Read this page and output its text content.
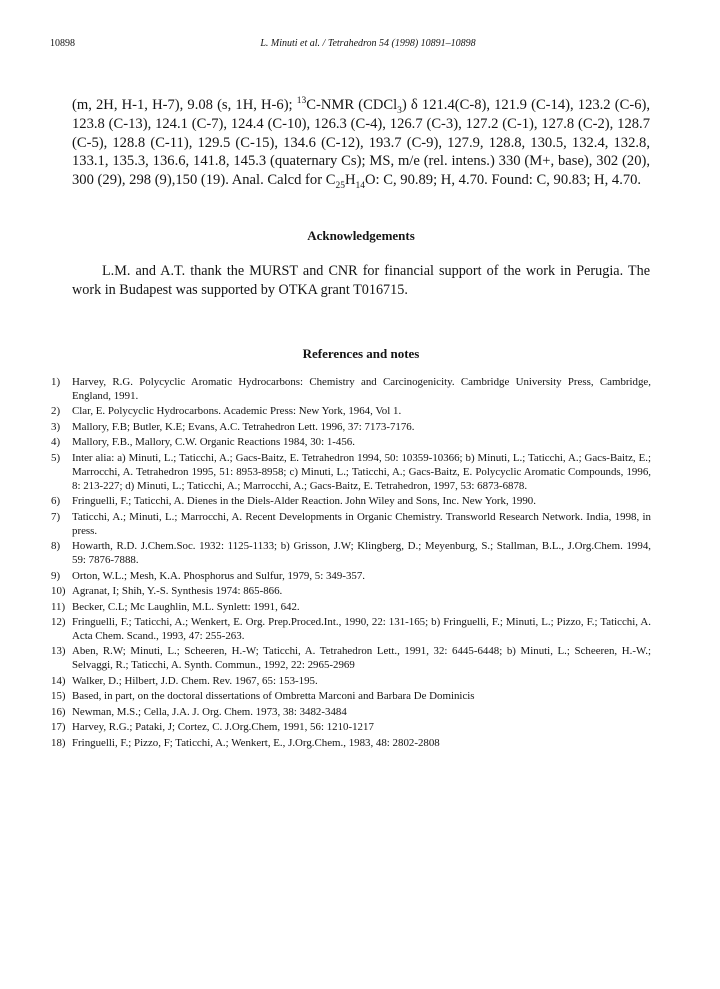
10898	L. Minuti et al. / Tetrahedron 54 (1998) 10891–10898

(m, 2H, H-1, H-7), 9.08 (s, 1H, H-6); $^{13}$C-NMR (CDCl$_3$) δ 121.4(C-8), 121.9 (C-14), 123.2 (C-6), 123.8 (C-13), 124.1 (C-7), 124.4 (C-10), 126.3 (C-4), 126.7 (C-3), 127.2 (C-1), 127.8 (C-2), 128.7 (C-5), 128.8 (C-11), 129.5 (C-15), 134.6 (C-12), 193.7 (C-9), 127.9, 128.8, 130.5, 132.4, 132.8, 133.1, 135.3, 136.6, 141.8, 145.3 (quaternary Cs); MS, m/e (rel. intens.) 330 (M+, base), 302 (20), 300 (29), 298 (9),150 (19). Anal. Calcd for $C_{25}H_{14}O$: C, 90.89; H, 4.70. Found: C, 90.83; H, 4.70.

Acknowledgements

L.M. and A.T. thank the MURST and CNR for financial support of the work in Perugia. The work in Budapest was supported by OTKA grant T016715.

References and notes
1) Harvey, R.G. Polycyclic Aromatic Hydrocarbons: Chemistry and Carcinogenicity. Cambridge University Press, Cambridge, England, 1991.
2) Clar, E. Polycyclic Hydrocarbons. Academic Press: New York, 1964, Vol 1.
3) Mallory, F.B; Butler, K.E; Evans, A.C. Tetrahedron Lett. 1996, 37: 7173-7176.
4) Mallory, F.B., Mallory, C.W. Organic Reactions 1984, 30: 1-456.
5) Inter alia: a) Minuti, L.; Taticchi, A.; Gacs-Baitz, E. Tetrahedron 1994, 50: 10359-10366; b) Minuti, L.; Taticchi, A.; Gacs-Baitz, E.; Marrocchi, A. Tetrahedron 1995, 51: 8953-8958; c) Minuti, L.; Taticchi, A.; Gacs-Baitz, E. Polycyclic Aromatic Compounds, 1996, 8: 213-227; d) Minuti, L.; Taticchi, A.; Marrocchi, A.; Gacs-Baitz, E. Tetrahedron, 1997, 53: 6873-6878.
6) Fringuelli, F.; Taticchi, A. Dienes in the Diels-Alder Reaction. John Wiley and Sons, Inc. New York, 1990.
7) Taticchi, A.; Minuti, L.; Marrocchi, A. Recent Developments in Organic Chemistry. Transworld Research Network. India, 1998, in press.
8) Howarth, R.D. J.Chem.Soc. 1932: 1125-1133; b) Grisson, J.W; Klingberg, D.; Meyenburg, S.; Stallman, B.L., J.Org.Chem. 1994, 59: 7876-7888.
9) Orton, W.L.; Mesh, K.A. Phosphorus and Sulfur, 1979, 5: 349-357.
10) Agranat, I; Shih, Y.-S. Synthesis 1974: 865-866.
11) Becker, C.L; Mc Laughlin, M.L. Synlett: 1991, 642.
12) Fringuelli, F.; Taticchi, A.; Wenkert, E. Org. Prep.Proced.Int., 1990, 22: 131-165; b) Fringuelli, F.; Minuti, L.; Pizzo, F.; Taticchi, A. Acta Chem. Scand., 1993, 47: 255-263.
13) Aben, R.W; Minuti, L.; Scheeren, H.-W; Taticchi, A. Tetrahedron Lett., 1991, 32: 6445-6448; b) Minuti, L.; Scheeren, H.-W.; Selvaggi, R.; Taticchi, A. Synth. Commun., 1992, 22: 2965-2969
14) Walker, D.; Hilbert, J.D. Chem. Rev. 1967, 65: 153-195.
15) Based, in part, on the doctoral dissertations of Ombretta Marconi and Barbara De Dominicis
16) Newman, M.S.; Cella, J.A. J. Org. Chem. 1973, 38: 3482-3484
17) Harvey, R.G.; Pataki, J; Cortez, C. J.Org.Chem, 1991, 56: 1210-1217
18) Fringuelli, F.; Pizzo, F; Taticchi, A.; Wenkert, E., J.Org.Chem., 1983, 48: 2802-2808
